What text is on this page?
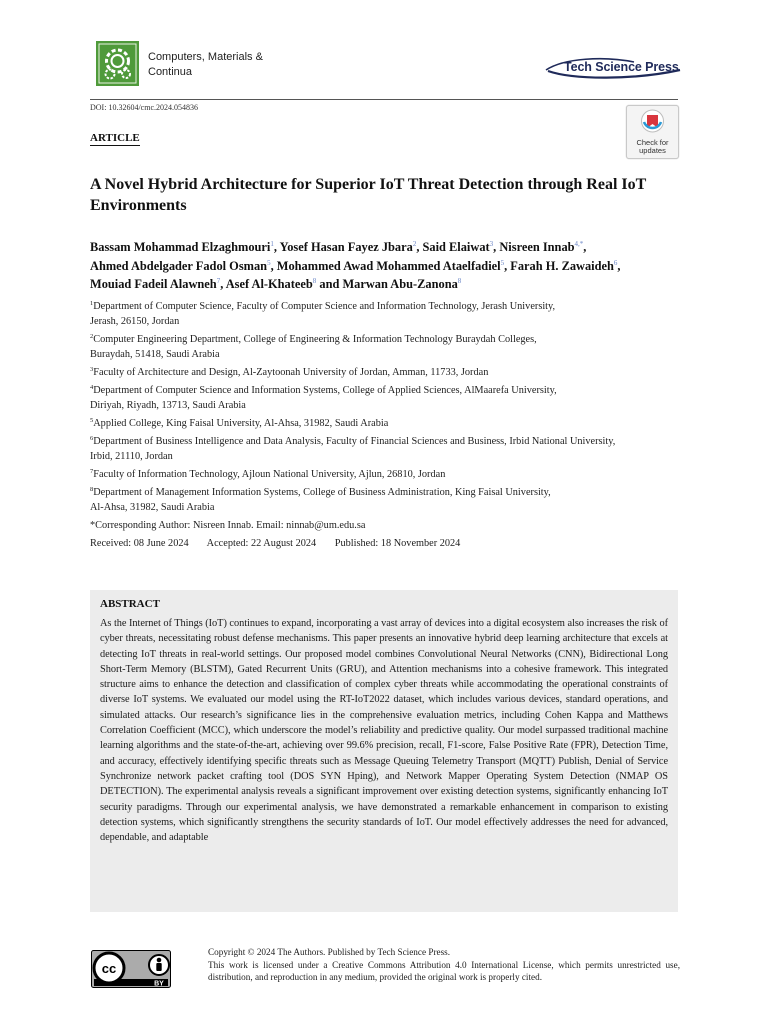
Computers, Materials &
Continua	Tech Science Press
DOI: 10.32604/cmc.2024.054836
ARTICLE	Check for
updates
A Novel Hybrid Architecture for Superior IoT Threat Detection through Real IoT Environments
Bassam Mohammad Elzaghmouri$^1$, Yosef Hasan Fayez Jbara$^2$, Said Elaiwat$^3$, Nisreen Innab$^{4,*}$,
Ahmed Abdelgader Fadol Osman$^5$, Mohammed Awad Mohammed Ataelfadiel$^5$, Farah H. Zawaideh$^6$,
Mouiad Fadeil Alawneh$^7$, Asef Al-Khateeb$^8$ and Marwan Abu-Zanona$^8$
$^1$Department of Computer Science, Faculty of Computer Science and Information Technology, Jerash University,
Jerash, 26150, Jordan
$^2$Computer Engineering Department, College of Engineering & Information Technology Buraydah Colleges,
Buraydah, 51418, Saudi Arabia
$^3$Faculty of Architecture and Design, Al-Zaytoonah University of Jordan, Amman, 11733, Jordan
$^4$Department of Computer Science and Information Systems, College of Applied Sciences, AlMaarefa University,
Diriyah, Riyadh, 13713, Saudi Arabia
$^5$Applied College, King Faisal University, Al-Ahsa, 31982, Saudi Arabia
$^6$Department of Business Intelligence and Data Analysis, Faculty of Financial Sciences and Business, Irbid National University,
Irbid, 21110, Jordan
$^7$Faculty of Information Technology, Ajloun National University, Ajlun, 26810, Jordan
$^8$Department of Management Information Systems, College of Business Administration, King Faisal University,
Al-Ahsa, 31982, Saudi Arabia
*Corresponding Author: Nisreen Innab. Email: ninnab@um.edu.sa
Received: 08 June 2024 Accepted: 22 August 2024 Published: 18 November 2024
ABSTRACT
As the Internet of Things (IoT) continues to expand, incorporating a vast array of devices into a digital ecosystem also increases the risk of cyber threats, necessitating robust defense mechanisms. This paper presents an innovative hybrid deep learning architecture that excels at detecting IoT threats in real-world settings. Our proposed model combines Convolutional Neural Networks (CNN), Bidirectional Long Short-Term Memory (BLSTM), Gated Recurrent Units (GRU), and Attention mechanisms into a cohesive framework. This integrated structure aims to enhance the detection and classification of complex cyber threats while accommodating the operational constraints of diverse IoT systems. We evaluated our model using the RT-IoT2022 dataset, which includes various devices, standard operations, and simulated attacks. Our research’s significance lies in the comprehensive evaluation metrics, including Cohen Kappa and Matthews Correlation Coefficient (MCC), which underscore the model’s reliability and predictive quality. Our model surpassed traditional machine learning algorithms and the state-of-the-art, achieving over 99.6% precision, recall, F1-score, False Positive Rate (FPR), Detection Time, and accuracy, effectively identifying specific threats such as Message Queuing Telemetry Transport (MQTT) Publish, Denial of Service Synchronize network packet crafting tool (DOS SYN Hping), and Network Mapper Operating System Detection (NMAP OS DETECTION). The experimental analysis reveals a significant improvement over existing detection systems, significantly enhancing IoT security paradigms. Through our experimental analysis, we have demonstrated a remarkable enhancement in comparison to existing detection systems, which significantly strengthens the security standards of IoT. Our model effectively addresses the need for advanced, dependable, and adaptable
cc
BY
Copyright © 2024 The Authors. Published by Tech Science Press.
This work is licensed under a Creative Commons Attribution 4.0 International License, which permits unrestricted use, distribution, and reproduction in any medium, provided the original work is properly cited.
